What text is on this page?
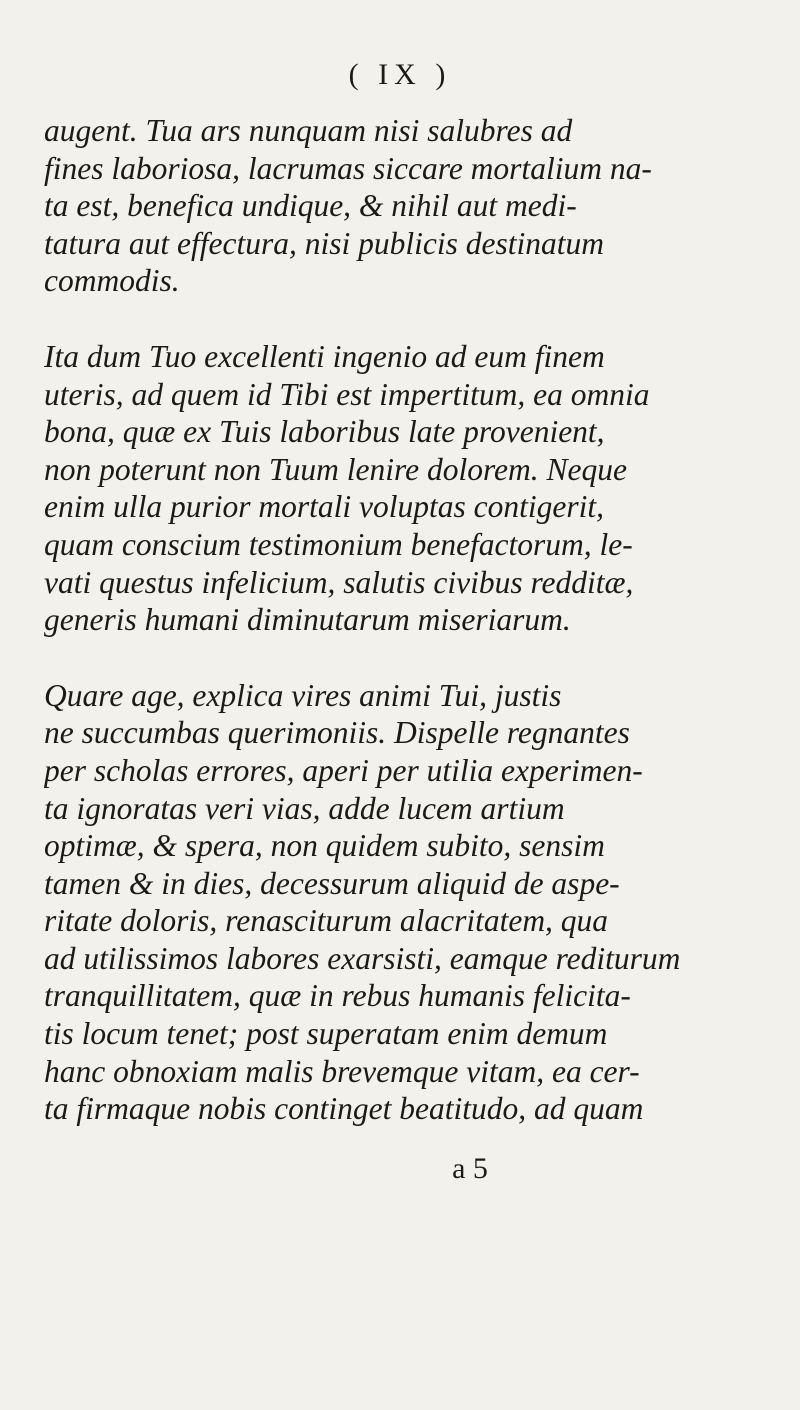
( IX )
augent. Tua ars nunquam nisi salubres ad
fines laboriosa, lacrumas siccare mortalium na-
ta est, benefica undique, & nihil aut medi-
tatura aut effectura, nisi publicis destinatum
commodis.
Ita dum Tuo excellenti ingenio ad eum finem
uteris, ad quem id Tibi est impertitum, ea omnia
bona, quæ ex Tuis laboribus late provenient,
non poterunt non Tuum lenire dolorem. Neque
enim ulla purior mortali voluptas contigerit,
quam conscium testimonium benefactorum, le-
vati questus infelicium, salutis civibus redditæ,
generis humani diminutarum miseriarum.
Quare age, explica vires animi Tui, justis
ne succumbas querimoniis. Dispelle regnantes
per scholas errores, aperi per utilia experimen-
ta ignoratas veri vias, adde lucem artium
optimæ, & spera, non quidem subito, sensim
tamen & in dies, decessurum aliquid de aspe-
ritate doloris, renasciturum alacritatem, qua
ad utilissimos labores exarsisti, eamque rediturum
tranquillitatem, quæ in rebus humanis felicita-
tis locum tenet; post superatam enim demum
hanc obnoxiam malis brevemque vitam, ea cer-
ta firmaque nobis continget beatitudo, ad quam
a 5
